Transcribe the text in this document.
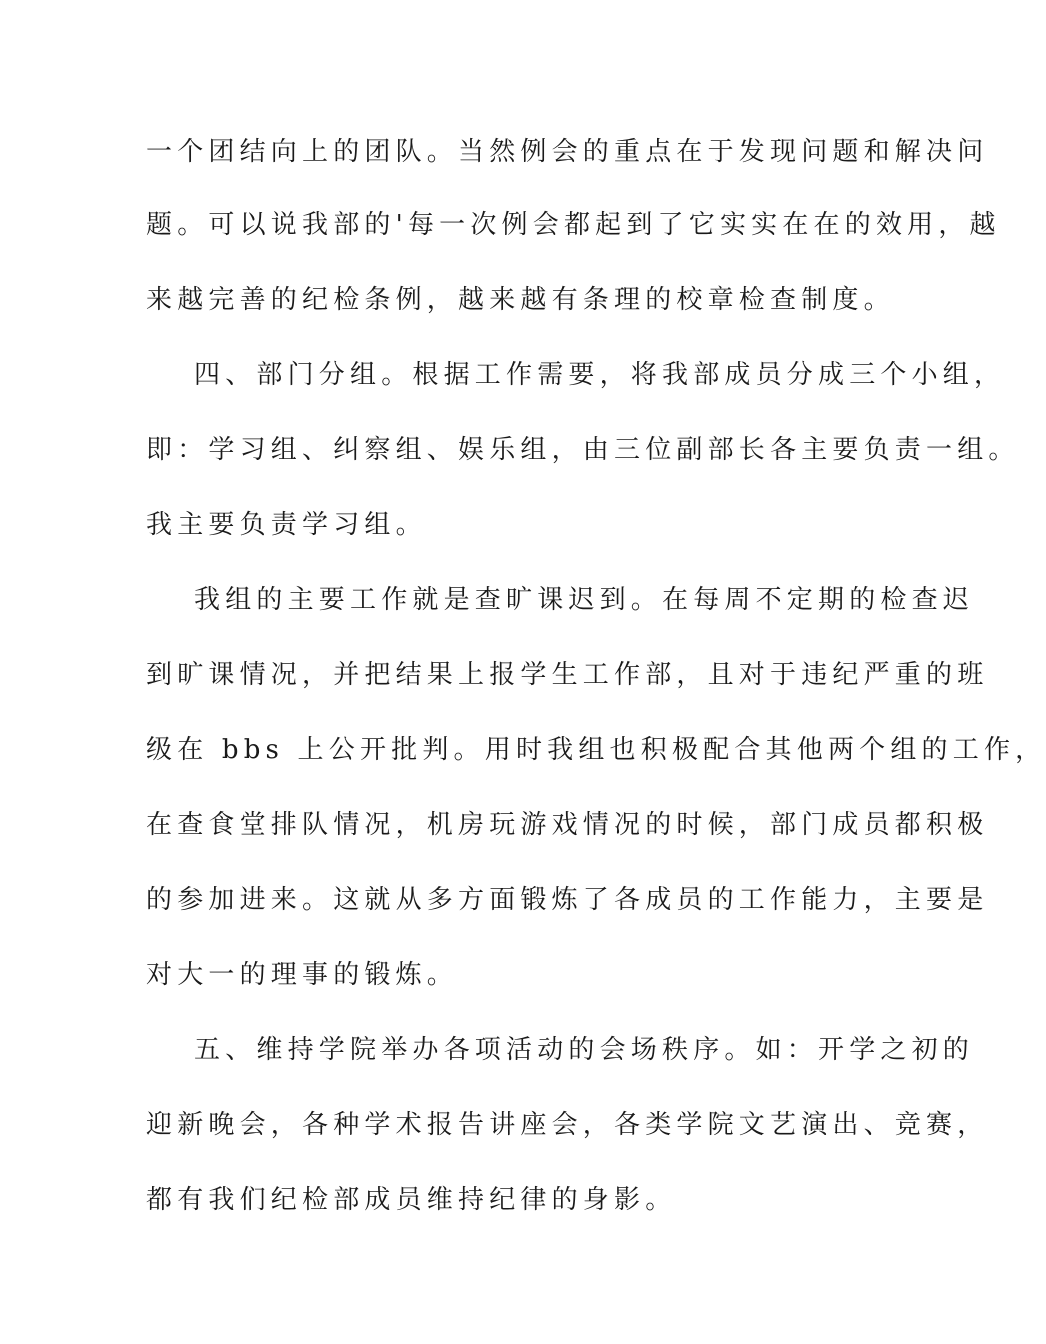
一个团结向上的团队。当然例会的重点在于发现问题和解决问
题。可以说我部的'每一次例会都起到了它实实在在的效用，越
来越完善的纪检条例，越来越有条理的校章检查制度。
四、部门分组。根据工作需要，将我部成员分成三个小组，
即：学习组、纠察组、娱乐组，由三位副部长各主要负责一组。
我主要负责学习组。
我组的主要工作就是查旷课迟到。在每周不定期的检查迟
到旷课情况，并把结果上报学生工作部，且对于违纪严重的班
级在 bbs 上公开批判。用时我组也积极配合其他两个组的工作，
在查食堂排队情况，机房玩游戏情况的时候，部门成员都积极
的参加进来。这就从多方面锻炼了各成员的工作能力，主要是
对大一的理事的锻炼。
五、维持学院举办各项活动的会场秩序。如：开学之初的
迎新晚会，各种学术报告讲座会，各类学院文艺演出、竞赛，
都有我们纪检部成员维持纪律的身影。
